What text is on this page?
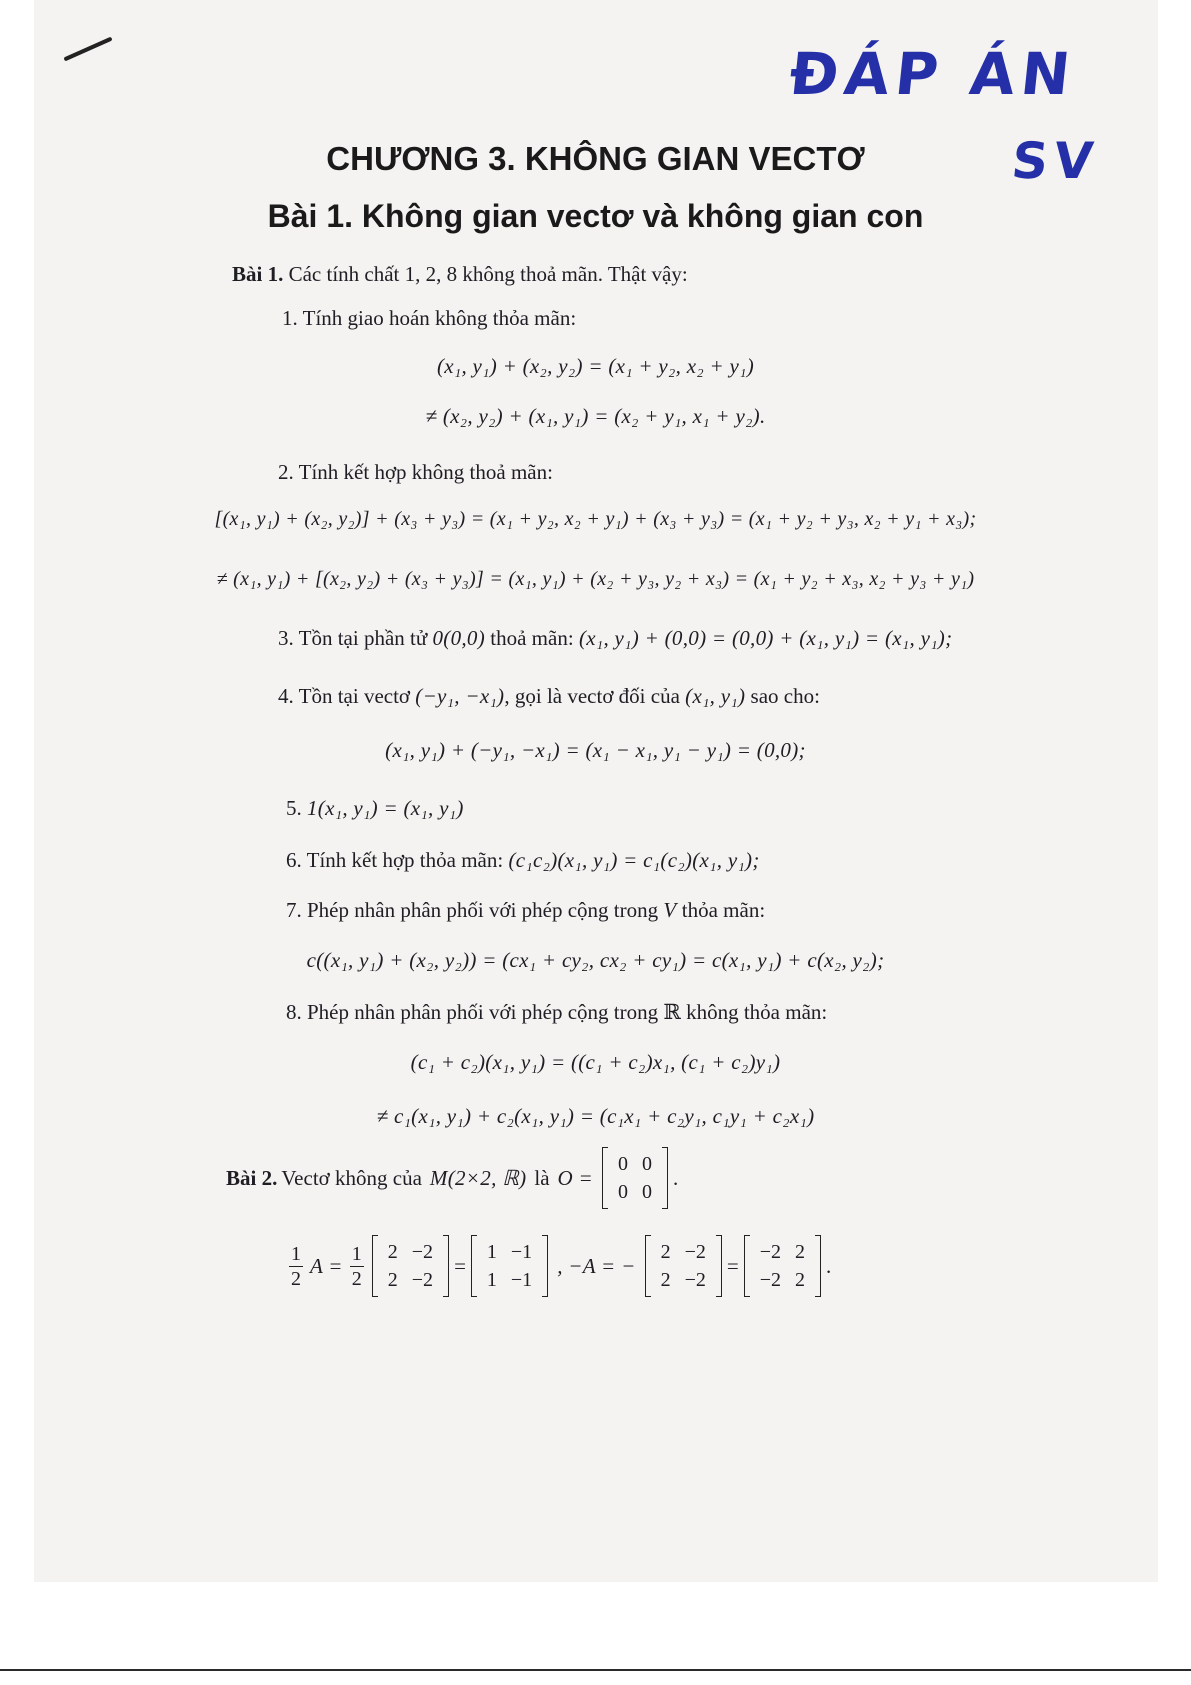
ĐÁP ÁN
SV
CHƯƠNG 3. KHÔNG GIAN VECTƠ
Bài 1. Không gian vectơ và không gian con
Bài 1. Các tính chất 1, 2, 8 không thoả mãn. Thật vậy:
1. Tính giao hoán không thỏa mãn:
(x₁, y₁) + (x₂, y₂) = (x₁ + y₂, x₂ + y₁)
≠ (x₂, y₂) + (x₁, y₁) = (x₂ + y₁, x₁ + y₂).
2. Tính kết hợp không thoả mãn:
[(x₁, y₁) + (x₂, y₂)] + (x₃ + y₃) = (x₁ + y₂, x₂ + y₁) + (x₃ + y₃) = (x₁ + y₂ + y₃, x₂ + y₁ + x₃);
≠ (x₁, y₁) + [(x₂, y₂) + (x₃ + y₃)] = (x₁, y₁) + (x₂ + y₃, y₂ + x₃) = (x₁ + y₂ + x₃, x₂ + y₃ + y₁)
3. Tồn tại phần tử 0(0,0) thoả mãn: (x₁, y₁) + (0,0) = (0,0) + (x₁, y₁) = (x₁, y₁);
4. Tồn tại vectơ (−y₁, −x₁), gọi là vectơ đối của (x₁, y₁) sao cho:
(x₁, y₁) + (−y₁, −x₁) = (x₁ − x₁, y₁ − y₁) = (0,0);
5. 1(x₁, y₁) = (x₁, y₁)
6. Tính kết hợp thỏa mãn: (c₁c₂)(x₁, y₁) = c₁(c₂)(x₁, y₁);
7. Phép nhân phân phối với phép cộng trong V thỏa mãn:
c((x₁, y₁) + (x₂, y₂)) = (cx₁ + cy₂, cx₂ + cy₁) = c(x₁, y₁) + c(x₂, y₂);
8. Phép nhân phân phối với phép cộng trong ℝ không thỏa mãn:
(c₁ + c₂)(x₁, y₁) = ((c₁ + c₂)x₁, (c₁ + c₂)y₁)
≠ c₁(x₁, y₁) + c₂(x₁, y₁) = (c₁x₁ + c₂y₁, c₁y₁ + c₂x₁)
Bài 2. Vectơ không của M(2×2, ℝ) là O =
0	0
0	0
.
$\frac{1}{2}$ $A = \frac{1}{2} 2$	−2
2	−2
=
1	−1
1	−1
, −A = −
2	−2
2	−2
=
−2	2
−2	2
.
